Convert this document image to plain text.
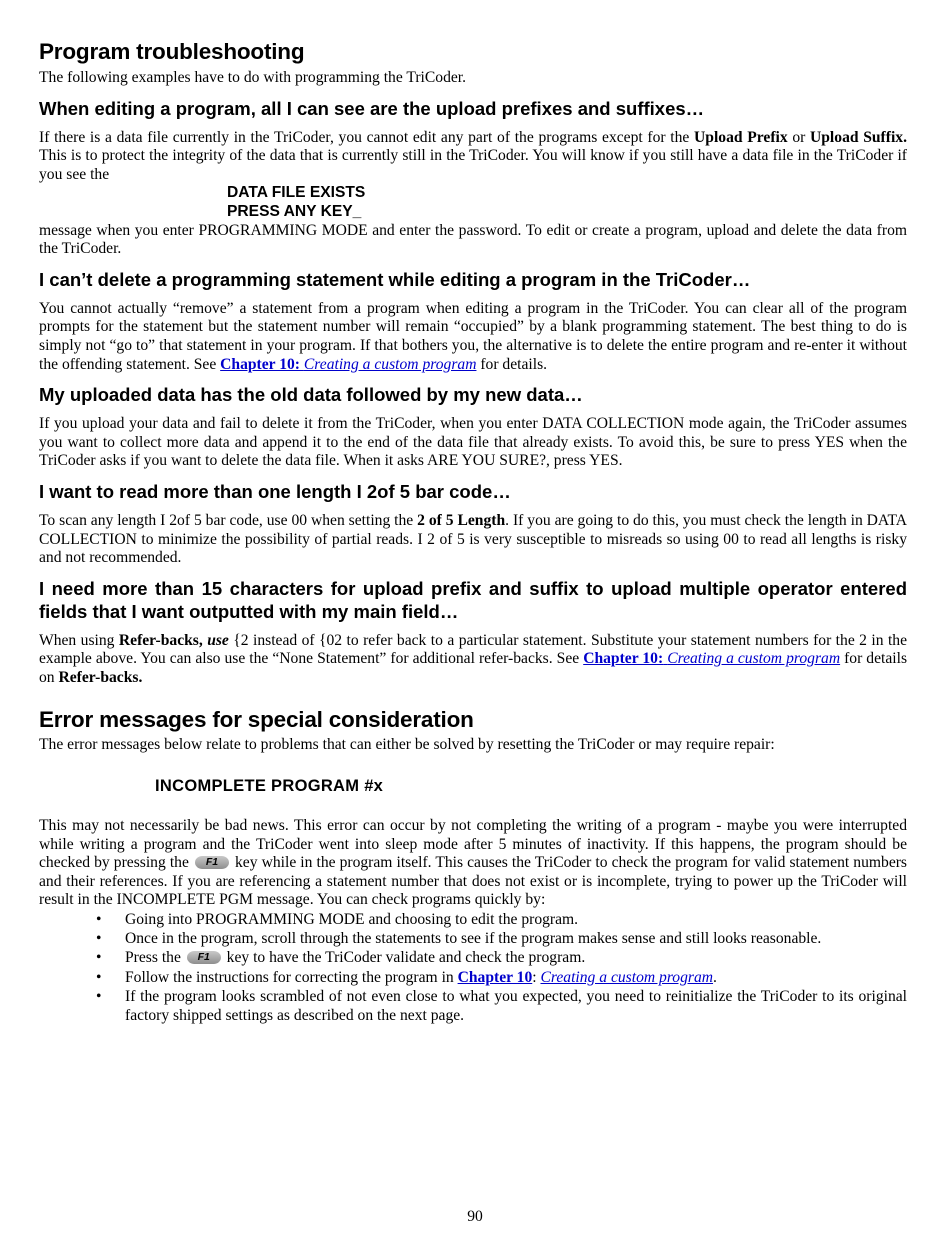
Program troubleshooting

The following examples have to do with programming the TriCoder.

When editing a program, all I can see are the upload prefixes and suffixes…

If there is a data file currently in the TriCoder, you cannot edit any part of the programs except for the Upload Prefix or Upload Suffix. This is to protect the integrity of the data that is currently still in the TriCoder. You will know if you still have a data file in the TriCoder if you see the

DATA FILE EXISTS
PRESS ANY KEY_

message when you enter PROGRAMMING MODE and enter the password. To edit or create a program, upload and delete the data from the TriCoder.

I can’t delete a programming statement while editing a program in the TriCoder…

You cannot actually “remove” a statement from a program when editing a program in the TriCoder. You can clear all of the program prompts for the statement but the statement number will remain “occupied” by a blank programming statement. The best thing to do is simply not “go to” that statement in your program. If that bothers you, the alternative is to delete the entire program and re-enter it without the offending statement. See Chapter 10: Creating a custom program for details.

My uploaded data has the old data followed by my new data…

If you upload your data and fail to delete it from the TriCoder, when you enter DATA COLLECTION mode again, the TriCoder assumes you want to collect more data and append it to the end of the data file that already exists. To avoid this, be sure to press YES when the TriCoder asks if you want to delete the data file. When it asks ARE YOU SURE?, press YES.

I want to read more than one length I 2of 5 bar code…

To scan any length I 2of 5 bar code, use 00 when setting the 2 of 5 Length. If you are going to do this, you must check the length in DATA COLLECTION to minimize the possibility of partial reads. I 2 of 5 is very susceptible to misreads so using 00 to read all lengths is risky and not recommended.

I need more than 15 characters for upload prefix and suffix to upload multiple operator entered fields that I want outputted with my main field…

When using Refer-backs, use {2 instead of {02 to refer back to a particular statement. Substitute your statement numbers for the 2 in the example above. You can also use the “None Statement” for additional refer-backs. See Chapter 10: Creating a custom program for details on Refer-backs.

Error messages for special consideration

The error messages below relate to problems that can either be solved by resetting the TriCoder or may require repair:

INCOMPLETE PROGRAM #x

This may not necessarily be bad news. This error can occur by not completing the writing of a program - maybe you were interrupted while writing a program and the TriCoder went into sleep mode after 5 minutes of inactivity. If this happens, the program should be checked by pressing the F1 key while in the program itself. This causes the TriCoder to check the program for valid statement numbers and their references. If you are referencing a statement number that does not exist or is incomplete, trying to power up the TriCoder will result in the INCOMPLETE PGM message. You can check programs quickly by:

• Going into PROGRAMMING MODE and choosing to edit the program.
• Once in the program, scroll through the statements to see if the program makes sense and still looks reasonable.
• Press the F1 key to have the TriCoder validate and check the program.
• Follow the instructions for correcting the program in Chapter 10: Creating a custom program.
• If the program looks scrambled of not even close to what you expected, you need to reinitialize the TriCoder to its original factory shipped settings as described on the next page.
90
